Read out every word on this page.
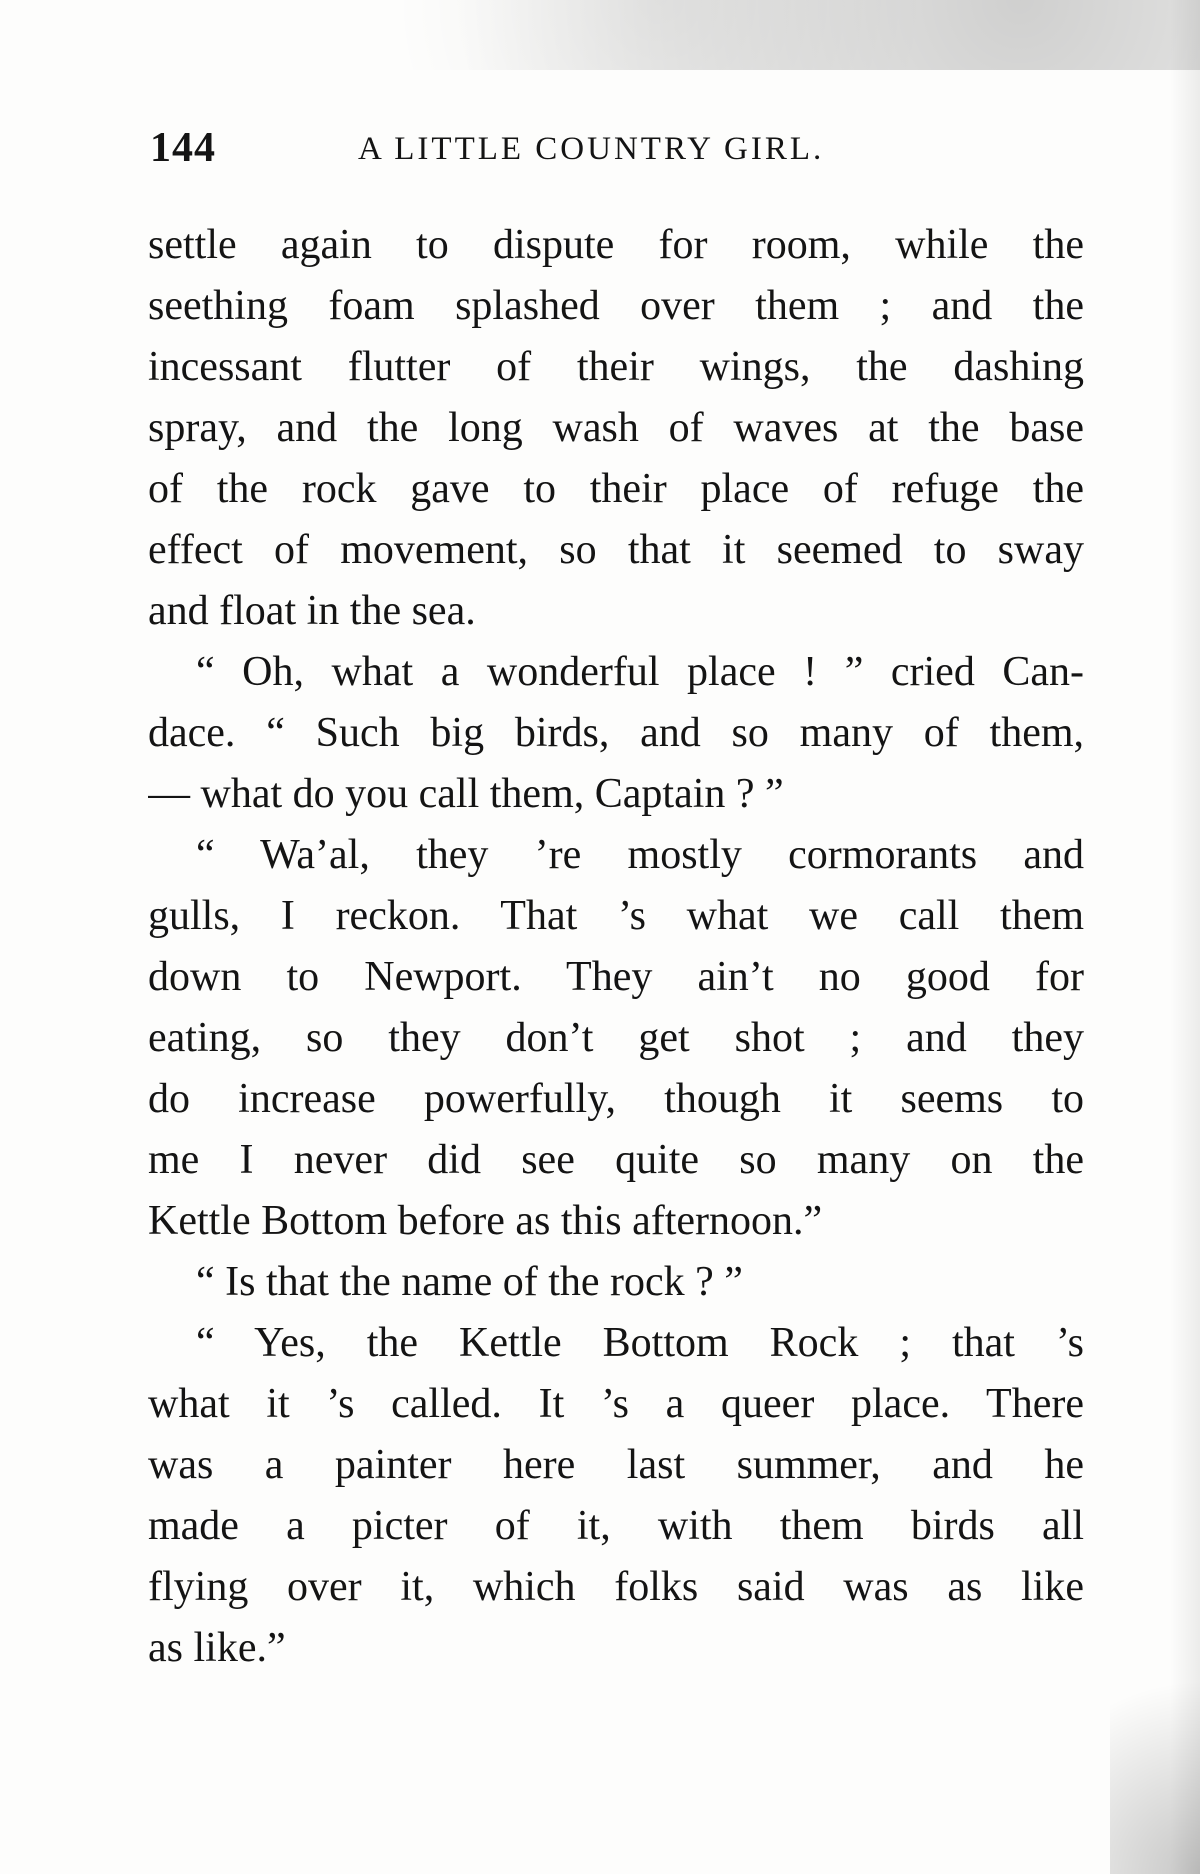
144	A LITTLE COUNTRY GIRL.
settle again to dispute for room, while the
seething foam splashed over them ; and the
incessant flutter of their wings, the dashing
spray, and the long wash of waves at the base
of the rock gave to their place of refuge the
effect of movement, so that it seemed to sway
and float in the sea.
“ Oh, what a wonderful place ! ” cried Can-
dace. “ Such big birds, and so many of them,
— what do you call them, Captain ? ”
“ Wa’al, they ’re mostly cormorants and
gulls, I reckon. That ’s what we call them
down to Newport. They ain’t no good for
eating, so they don’t get shot ; and they
do increase powerfully, though it seems to
me I never did see quite so many on the
Kettle Bottom before as this afternoon.”
“ Is that the name of the rock ? ”
“ Yes, the Kettle Bottom Rock ; that ’s
what it ’s called. It ’s a queer place. There
was a painter here last summer, and he
made a picter of it, with them birds all
flying over it, which folks said was as like
as like.”
